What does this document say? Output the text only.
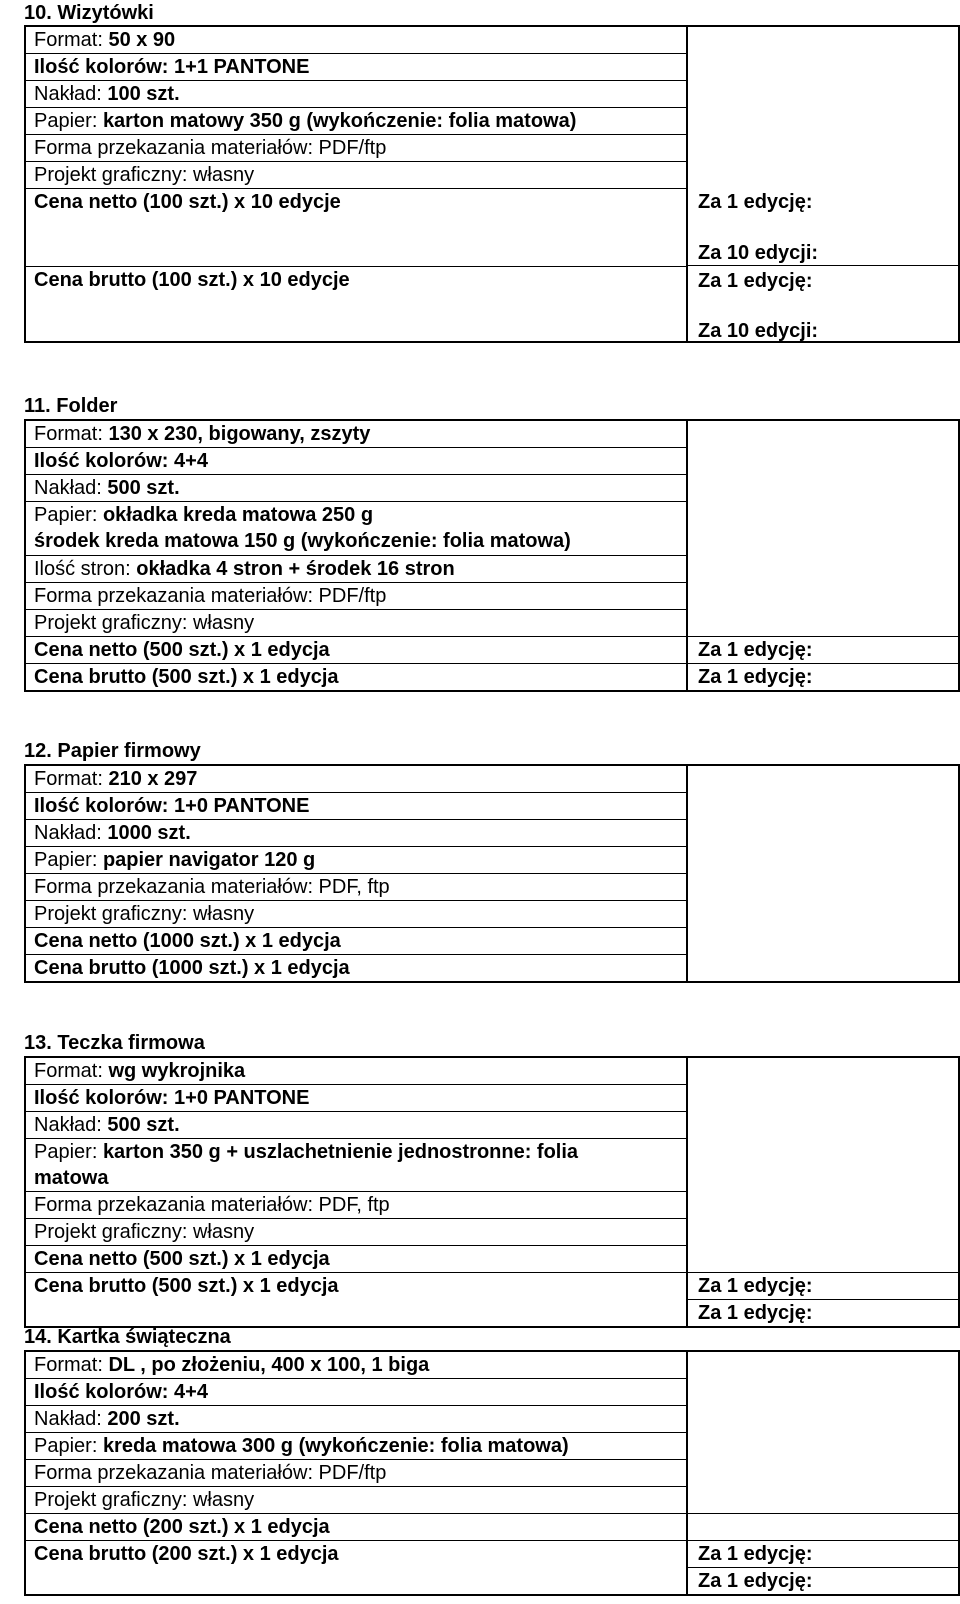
10. Wizytówki
Format: 50 x 90
Ilość kolorów: 1+1 PANTONE
Nakład: 100 szt.
Papier: karton matowy 350 g (wykończenie: folia matowa)
Forma przekazania materiałów: PDF/ftp
Projekt graficzny: własny
Cena netto (100 szt.) x 10 edycje
Cena brutto (100 szt.) x 10 edycje
Za 1 edycję:
Za 10 edycji:
Za 1 edycję:
Za 10 edycji:
11. Folder
Format: 130 x 230, bigowany, zszyty
Ilość kolorów: 4+4
Nakład: 500 szt.
Papier: okładka kreda matowa 250 g
środek kreda matowa 150 g (wykończenie: folia matowa)
Ilość stron: okładka 4 stron + środek 16 stron
Forma przekazania materiałów: PDF/ftp
Projekt graficzny: własny
Cena netto (500 szt.) x 1 edycja
Cena brutto (500 szt.) x 1 edycja
Za 1 edycję:
Za 1 edycję:
12. Papier firmowy
Format: 210 x 297
Ilość kolorów: 1+0 PANTONE
Nakład: 1000 szt.
Papier: papier navigator 120 g
Forma przekazania materiałów: PDF, ftp
Projekt graficzny: własny
Cena netto (1000 szt.) x 1 edycja
Cena brutto (1000 szt.) x 1 edycja
13. Teczka firmowa
Format: wg wykrojnika
Ilość kolorów: 1+0 PANTONE
Nakład: 500 szt.
Papier: karton 350 g + uszlachetnienie jednostronne: folia
matowa
Forma przekazania materiałów: PDF, ftp
Projekt graficzny: własny
Cena netto (500 szt.) x 1 edycja
Cena brutto (500 szt.) x 1 edycja	Za 1 edycję:
Za 1 edycję:
14. Kartka świąteczna
Format: DL , po złożeniu, 400 x 100, 1 biga
Ilość kolorów: 4+4
Nakład: 200 szt.
Papier: kreda matowa 300 g (wykończenie: folia matowa)
Forma przekazania materiałów: PDF/ftp
Projekt graficzny: własny
Cena netto (200 szt.) x 1 edycja
Cena brutto (200 szt.) x 1 edycja	Za 1 edycję:
Za 1 edycję:
